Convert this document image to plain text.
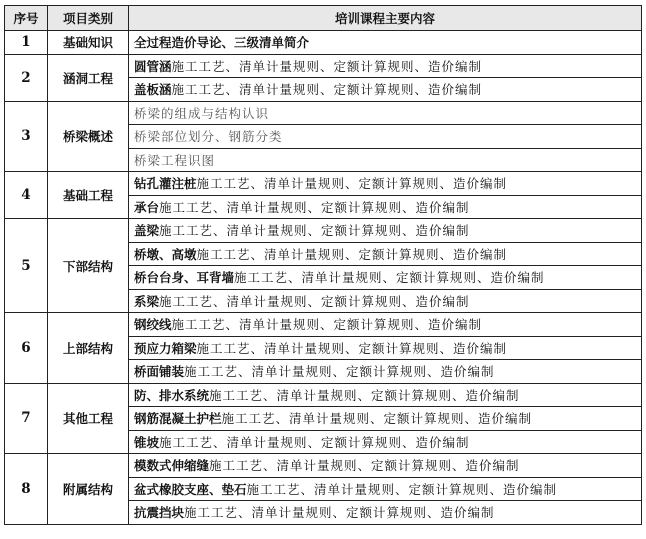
序号	项目类别	培训课程主要内容
1	基础知识	全过程造价导论、三级清单简介
2	涵洞工程	圆管涵施工工艺、清单计量规则、定额计算规则、造价编制
		盖板涵施工工艺、清单计量规则、定额计算规则、造价编制
3	桥梁概述	桥梁的组成与结构认识
		桥梁部位划分、钢筋分类
		桥梁工程识图
4	基础工程	钻孔灌注桩施工工艺、清单计量规则、定额计算规则、造价编制
		承台施工工艺、清单计量规则、定额计算规则、造价编制
5	下部结构	盖梁施工工艺、清单计量规则、定额计算规则、造价编制
		桥墩、高墩施工工艺、清单计量规则、定额计算规则、造价编制
		桥台台身、耳背墙施工工艺、清单计量规则、定额计算规则、造价编制
		系梁施工工艺、清单计量规则、定额计算规则、造价编制
6	上部结构	钢绞线施工工艺、清单计量规则、定额计算规则、造价编制
		预应力箱梁施工工艺、清单计量规则、定额计算规则、造价编制
		桥面铺装施工工艺、清单计量规则、定额计算规则、造价编制
7	其他工程	防、排水系统施工工艺、清单计量规则、定额计算规则、造价编制
		钢筋混凝土护栏施工工艺、清单计量规则、定额计算规则、造价编制
		锥坡施工工艺、清单计量规则、定额计算规则、造价编制
8	附属结构	模数式伸缩缝施工工艺、清单计量规则、定额计算规则、造价编制
		盆式橡胶支座、垫石施工工艺、清单计量规则、定额计算规则、造价编制
		抗震挡块施工工艺、清单计量规则、定额计算规则、造价编制
